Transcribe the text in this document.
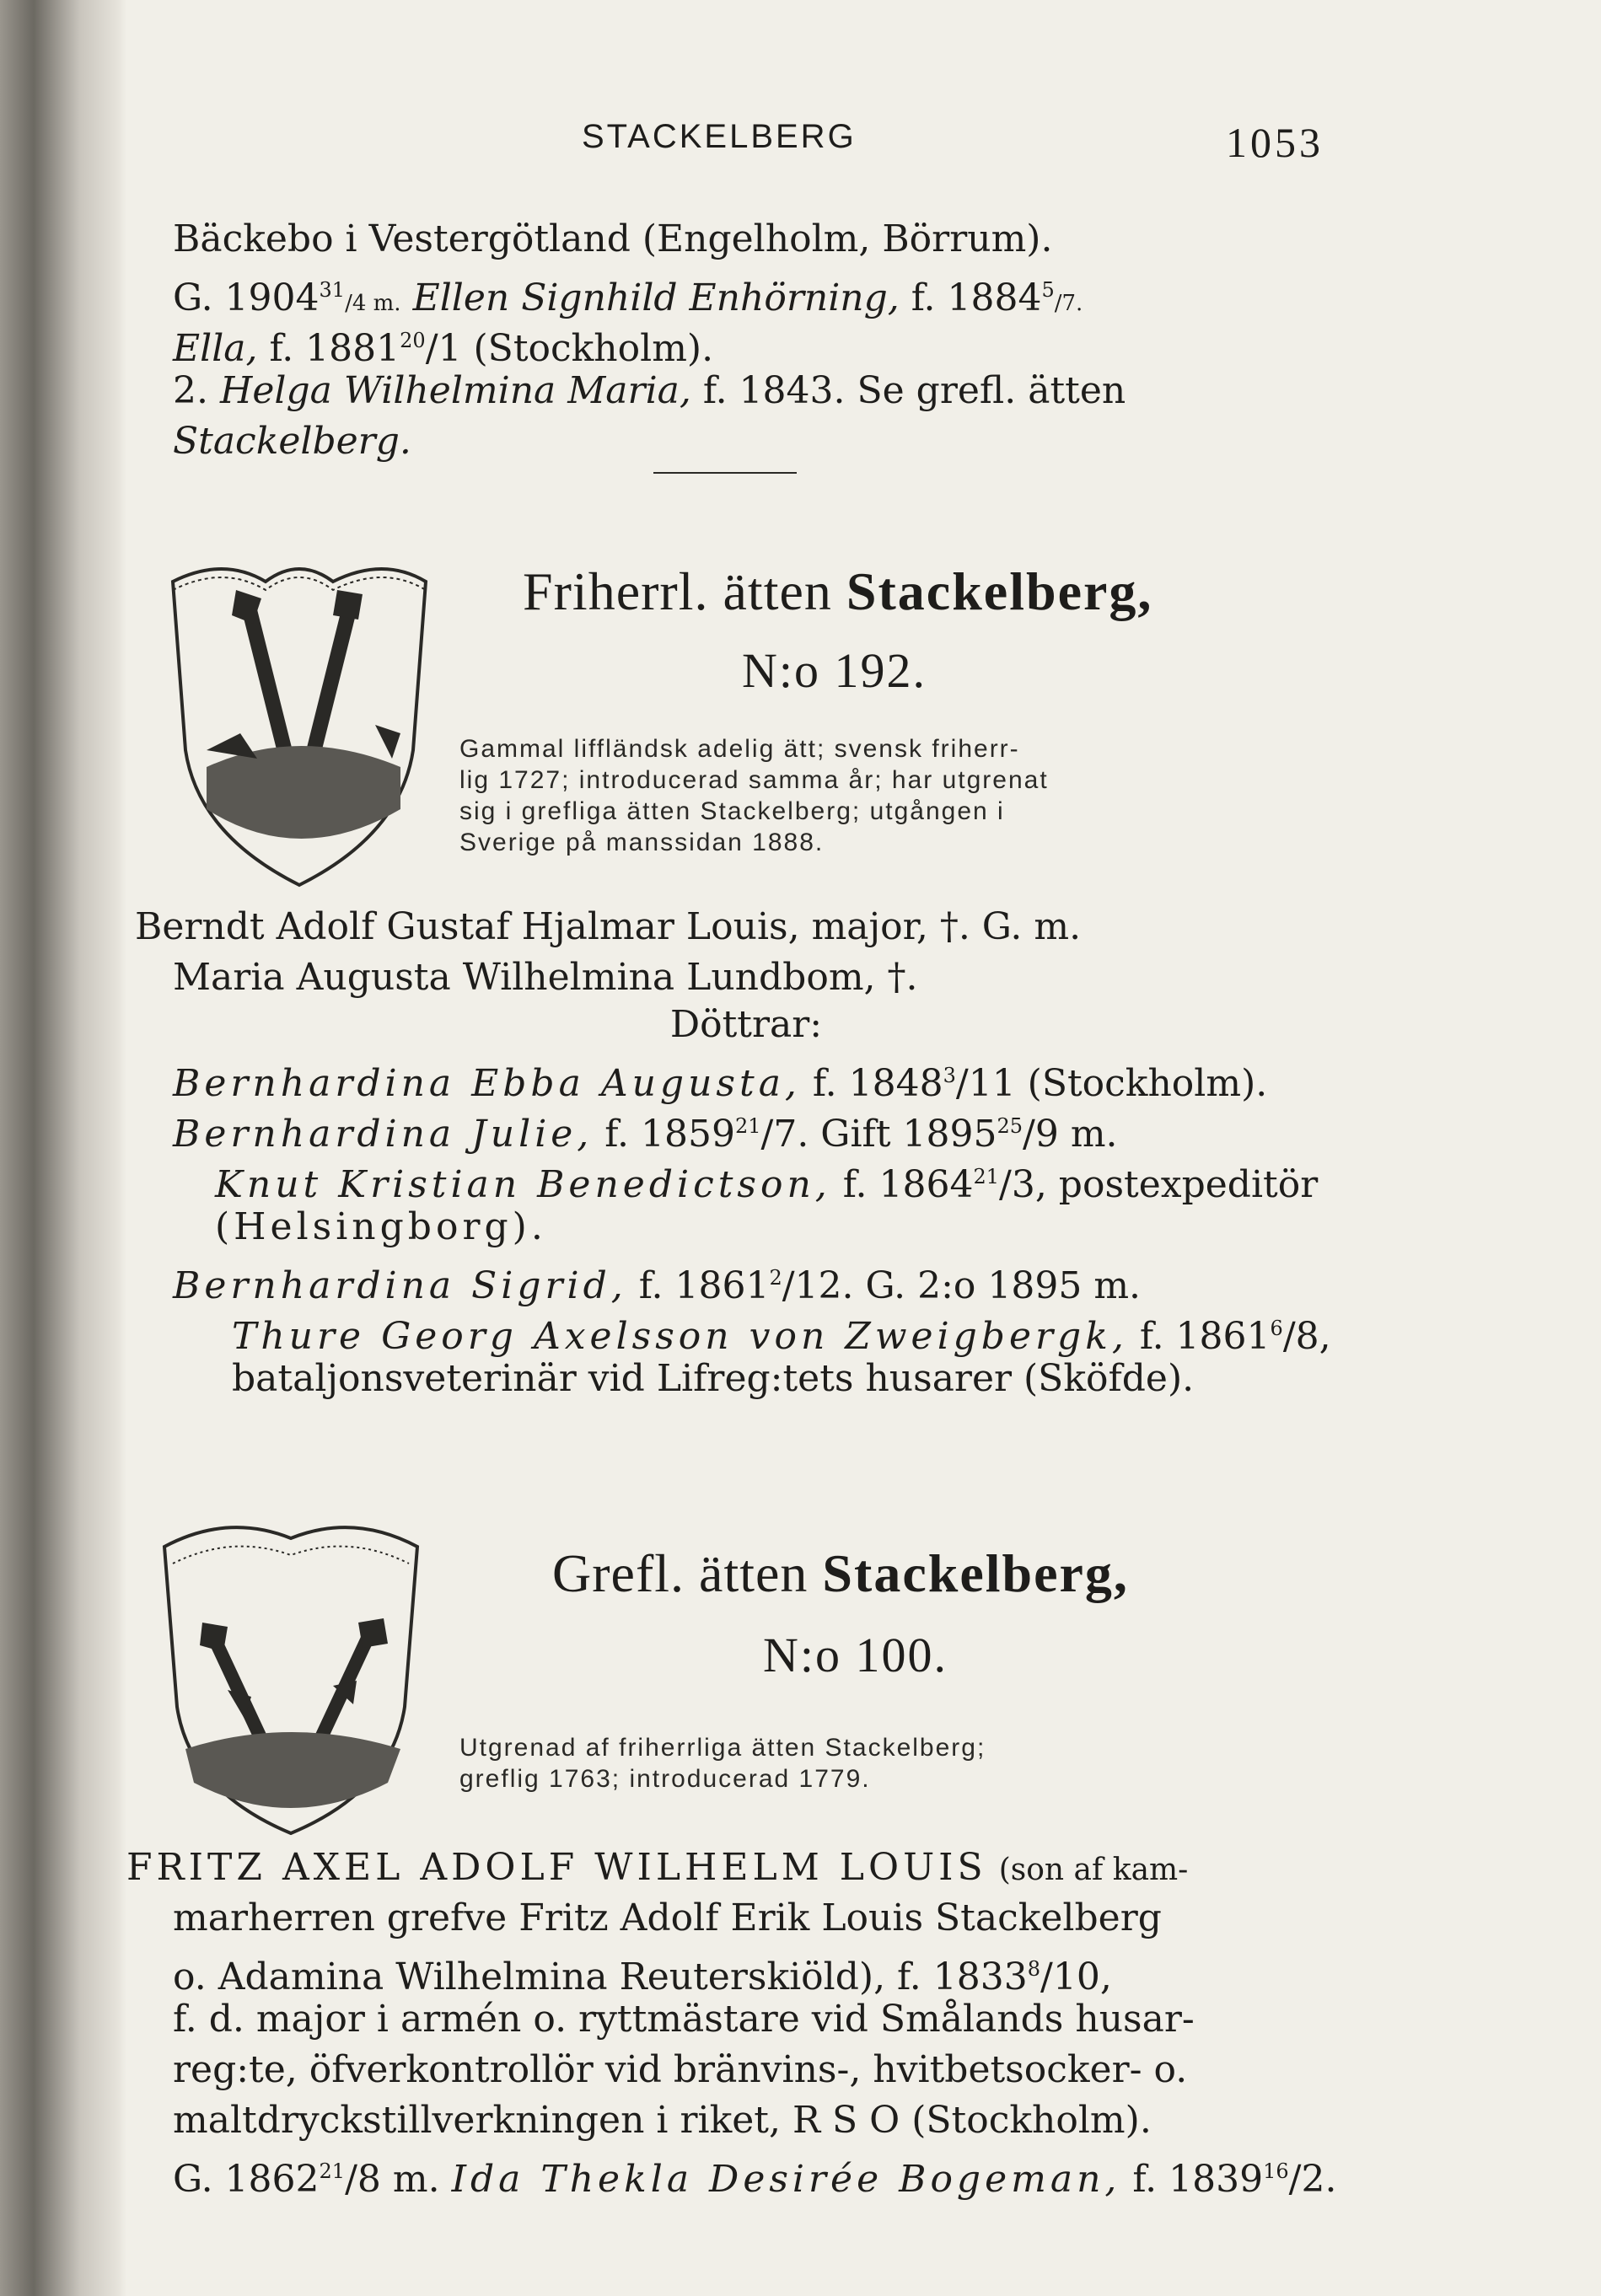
STACKELBERG	1053
Bäckebo i Vestergötland (Engelholm, Börrum).
G. 1904$^{31}$/4 m. Ellen Signhild Enhörning, f. 1884$^5$/7.
Ella, f. 1881$^{20}$/1 (Stockholm).
2. Helga Wilhelmina Maria, f. 1843. Se grefl. ätten
Stackelberg.
Friherrl. ätten Stackelberg,
N:o 192.
Gammal liffländsk adelig ätt; svensk friherr-
lig 1727; introducerad samma år; har utgrenat
sig i grefliga ätten Stackelberg; utgången i
Sverige på manssidan 1888.
Berndt Adolf Gustaf Hjalmar Louis, major, †. G. m.
Maria Augusta Wilhelmina Lundbom, †.
Döttrar:
Bernhardina Ebba Augusta, f. 1848$^3$/11 (Stockholm).
Bernhardina Julie, f. 1859$^{21}$/7. Gift 1895$^{25}$/9 m.
Knut Kristian Benedictson, f. 1864$^{21}$/3, postexpeditör
(Helsingborg).
Bernhardina Sigrid, f. 1861$^2$/12. G. 2:o 1895 m.
Thure Georg Axelsson von Zweigbergk, f. 1861$^6$/8,
bataljonsveterinär vid Lifreg:tets husarer (Sköfde).
Grefl. ätten Stackelberg,
N:o 100.
Utgrenad af friherrliga ätten Stackelberg;
greflig 1763; introducerad 1779.
FRITZ AXEL ADOLF WILHELM LOUIS (son af kam-
marherren grefve Fritz Adolf Erik Louis Stackelberg
o. Adamina Wilhelmina Reuterskiöld), f. 1833$^8$/10,
f. d. major i armén o. ryttmästare vid Smålands husar-
reg:te, öfverkontrollör vid bränvins-, hvitbetsocker- o.
maltdryckstillverkningen i riket, R S O (Stockholm).
G. 1862$^{21}$/8 m. Ida Thekla Desirée Bogeman, f. 1839$^{16}$/2.
